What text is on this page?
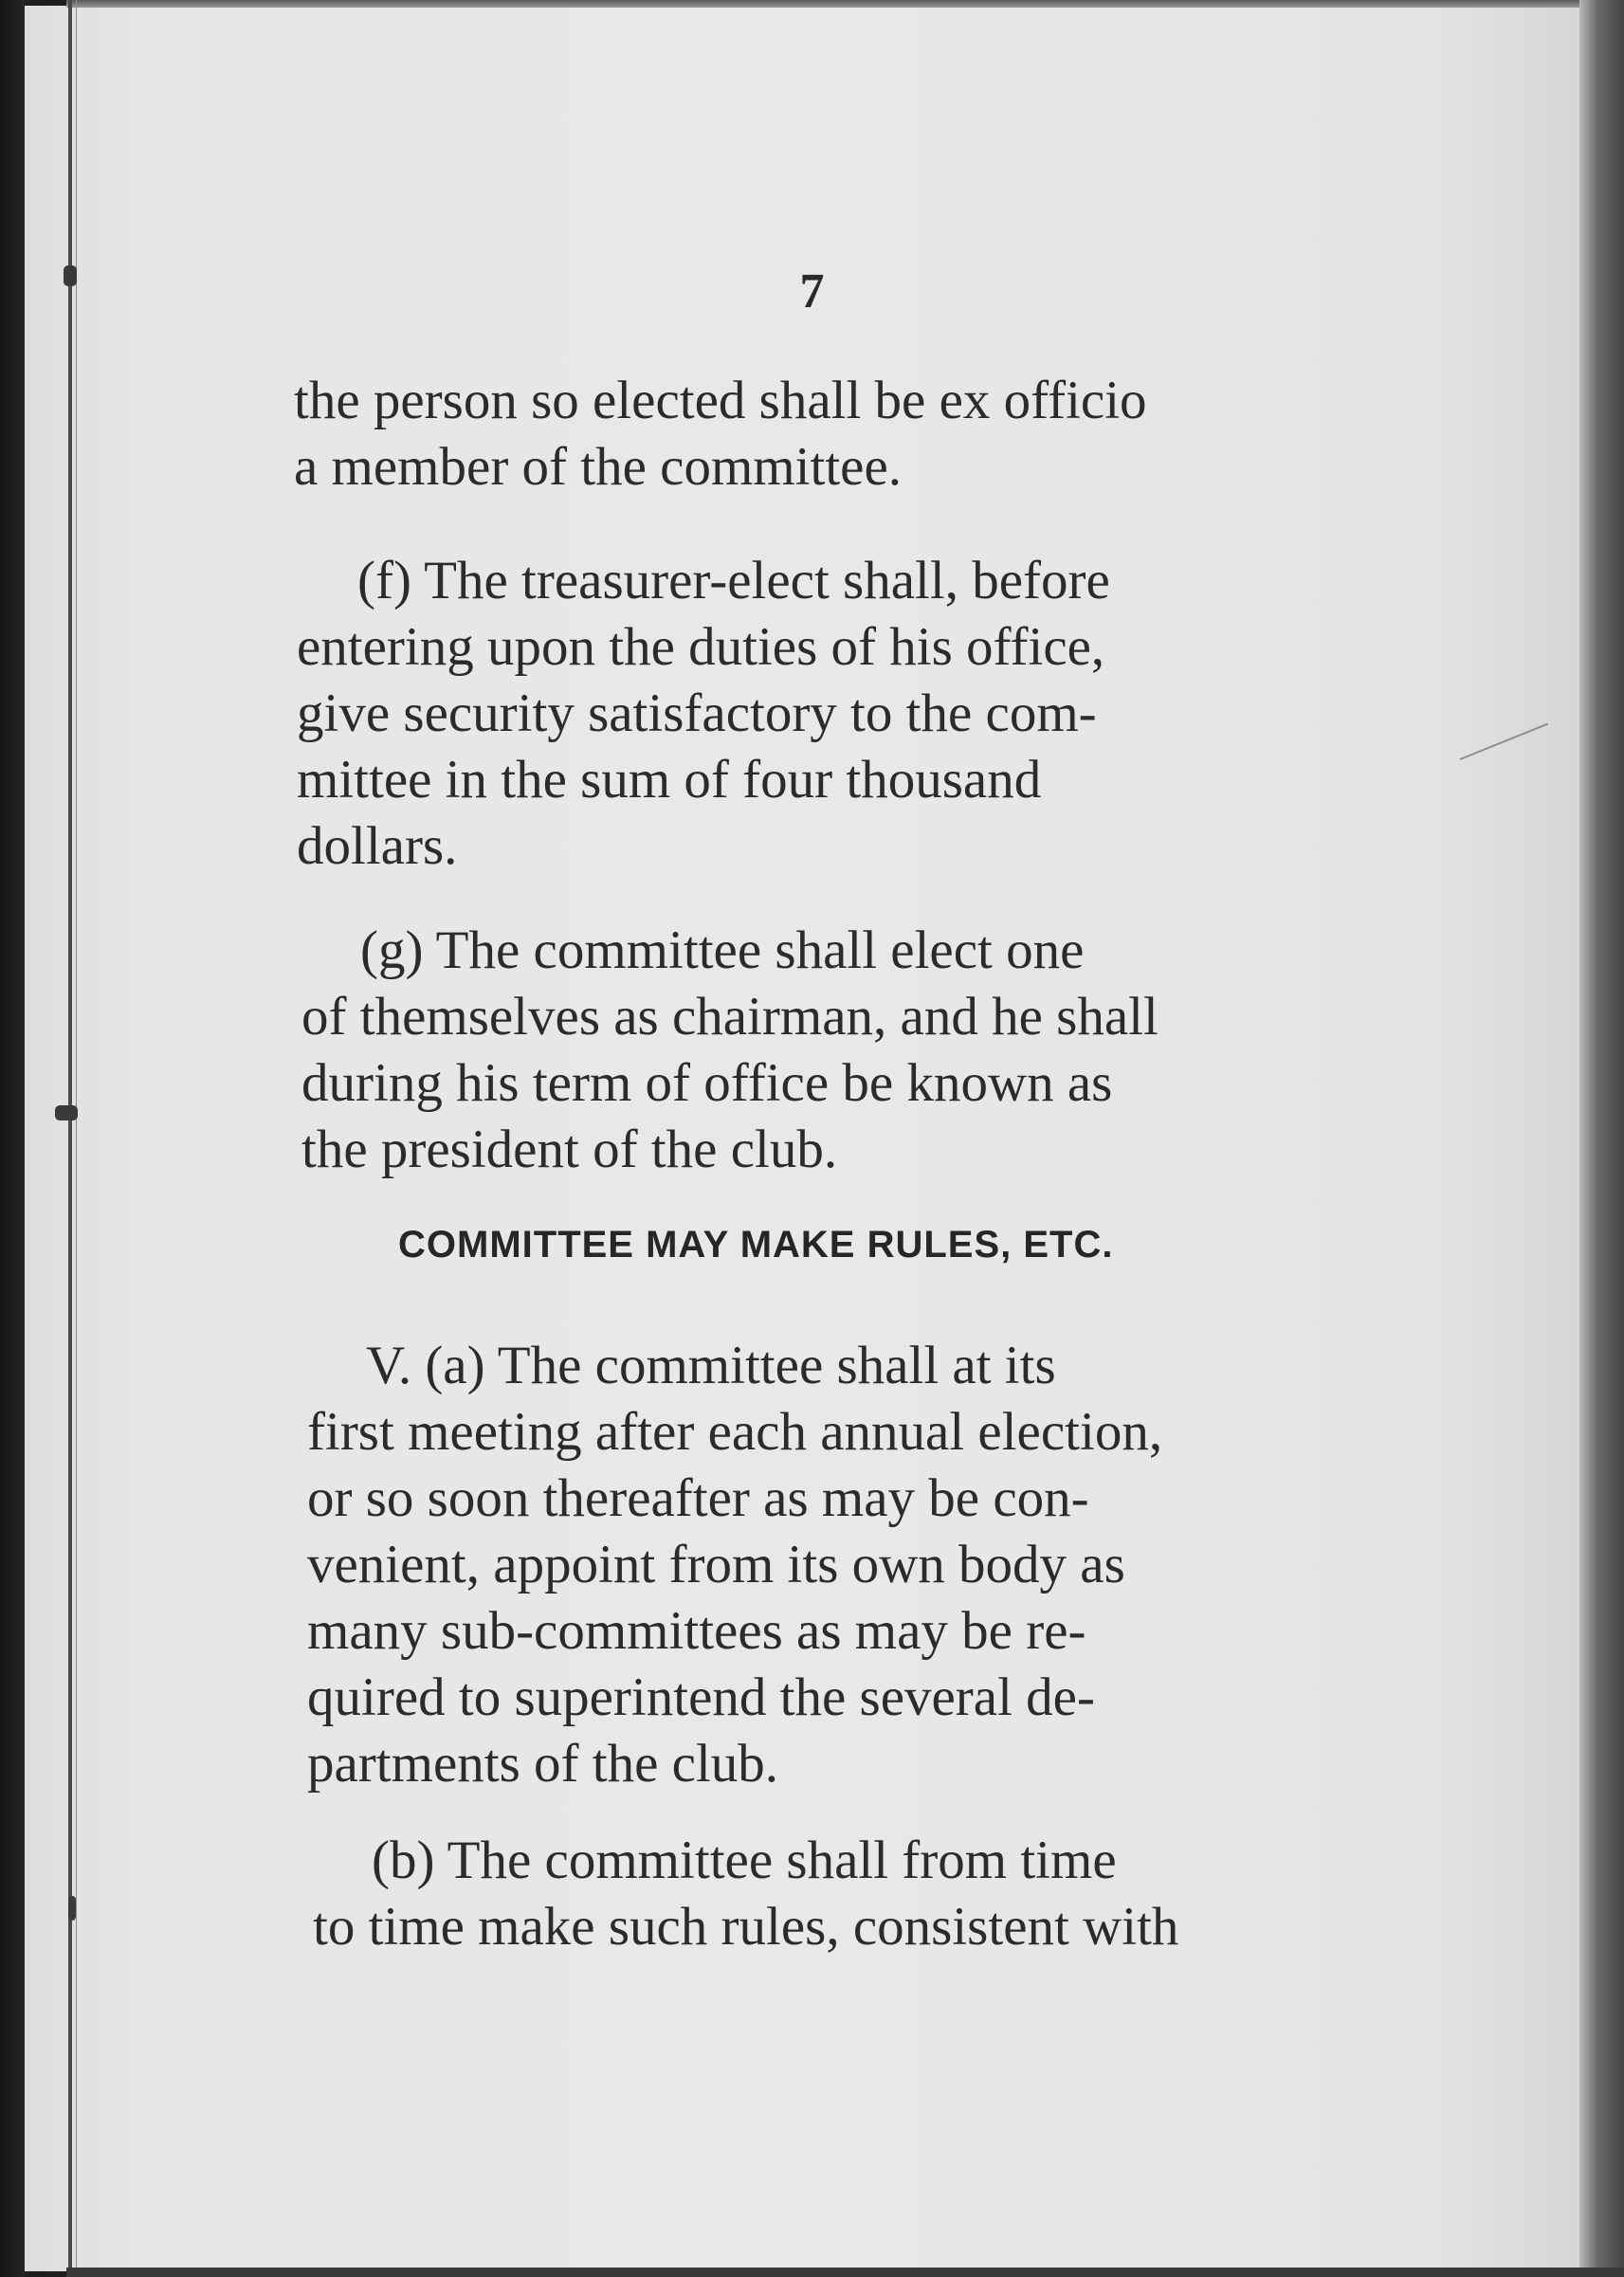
7
the person so elected shall be ex officio
a member of the committee.
(f) The treasurer-elect shall, before
entering upon the duties of his office,
give security satisfactory to the com-
mittee in the sum of four thousand
dollars.
(g) The committee shall elect one
of themselves as chairman, and he shall
during his term of office be known as
the president of the club.
COMMITTEE MAY MAKE RULES, ETC.
V. (a) The committee shall at its
first meeting after each annual election,
or so soon thereafter as may be con-
venient, appoint from its own body as
many sub-committees as may be re-
quired to superintend the several de-
partments of the club.
(b) The committee shall from time
to time make such rules, consistent with
